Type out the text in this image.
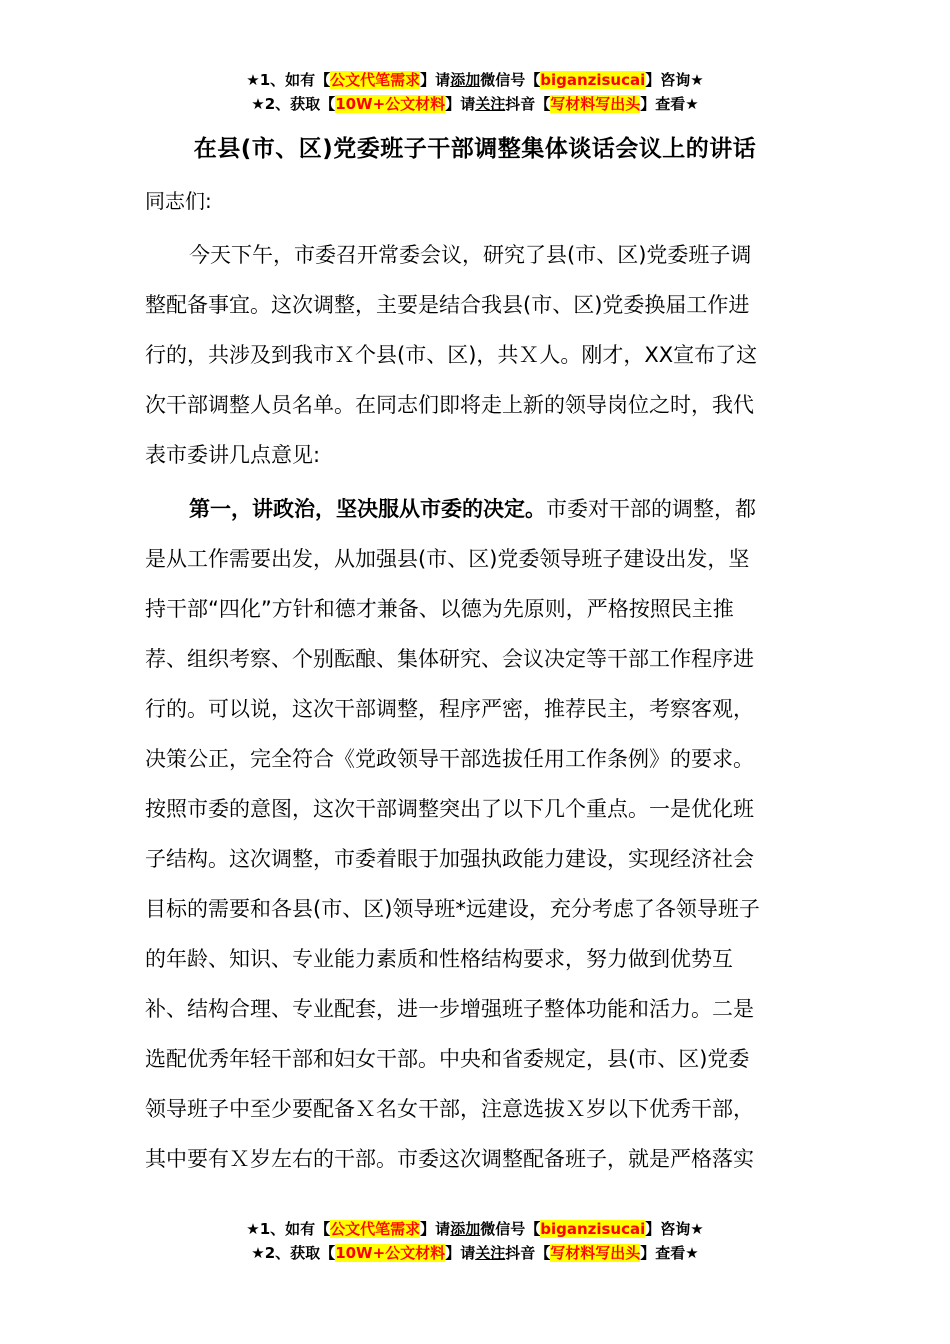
★1、如有【公文代笔需求】请添加微信号【biganzisucai】咨询★
★2、获取【10W+公文材料】请关注抖音【写材料写出头】查看★
在县(市、区)党委班子干部调整集体谈话会议上的讲话
同志们:
今天下午，市委召开常委会议，研究了县(市、区)党委班子调
整配备事宜。这次调整，主要是结合我县(市、区)党委换届工作进
行的，共涉及到我市Ｘ个县(市、区)，共Ｘ人。刚才，XX宣布了这
次干部调整人员名单。在同志们即将走上新的领导岗位之时，我代
表市委讲几点意见:
第一，讲政治，坚决服从市委的决定。市委对干部的调整，都
是从工作需要出发，从加强县(市、区)党委领导班子建设出发，坚
持干部“四化”方针和德才兼备、以德为先原则，严格按照民主推
荐、组织考察、个别酝酿、集体研究、会议决定等干部工作程序进
行的。可以说，这次干部调整，程序严密，推荐民主，考察客观，
决策公正，完全符合《党政领导干部选拔任用工作条例》的要求。
按照市委的意图，这次干部调整突出了以下几个重点。一是优化班
子结构。这次调整，市委着眼于加强执政能力建设，实现经济社会
目标的需要和各县(市、区)领导班*远建设，充分考虑了各领导班子
的年龄、知识、专业能力素质和性格结构要求，努力做到优势互
补、结构合理、专业配套，进一步增强班子整体功能和活力。二是
选配优秀年轻干部和妇女干部。中央和省委规定，县(市、区)党委
领导班子中至少要配备Ｘ名女干部，注意选拔Ｘ岁以下优秀干部，
其中要有Ｘ岁左右的干部。市委这次调整配备班子，就是严格落实
★1、如有【公文代笔需求】请添加微信号【biganzisucai】咨询★
★2、获取【10W+公文材料】请关注抖音【写材料写出头】查看★
